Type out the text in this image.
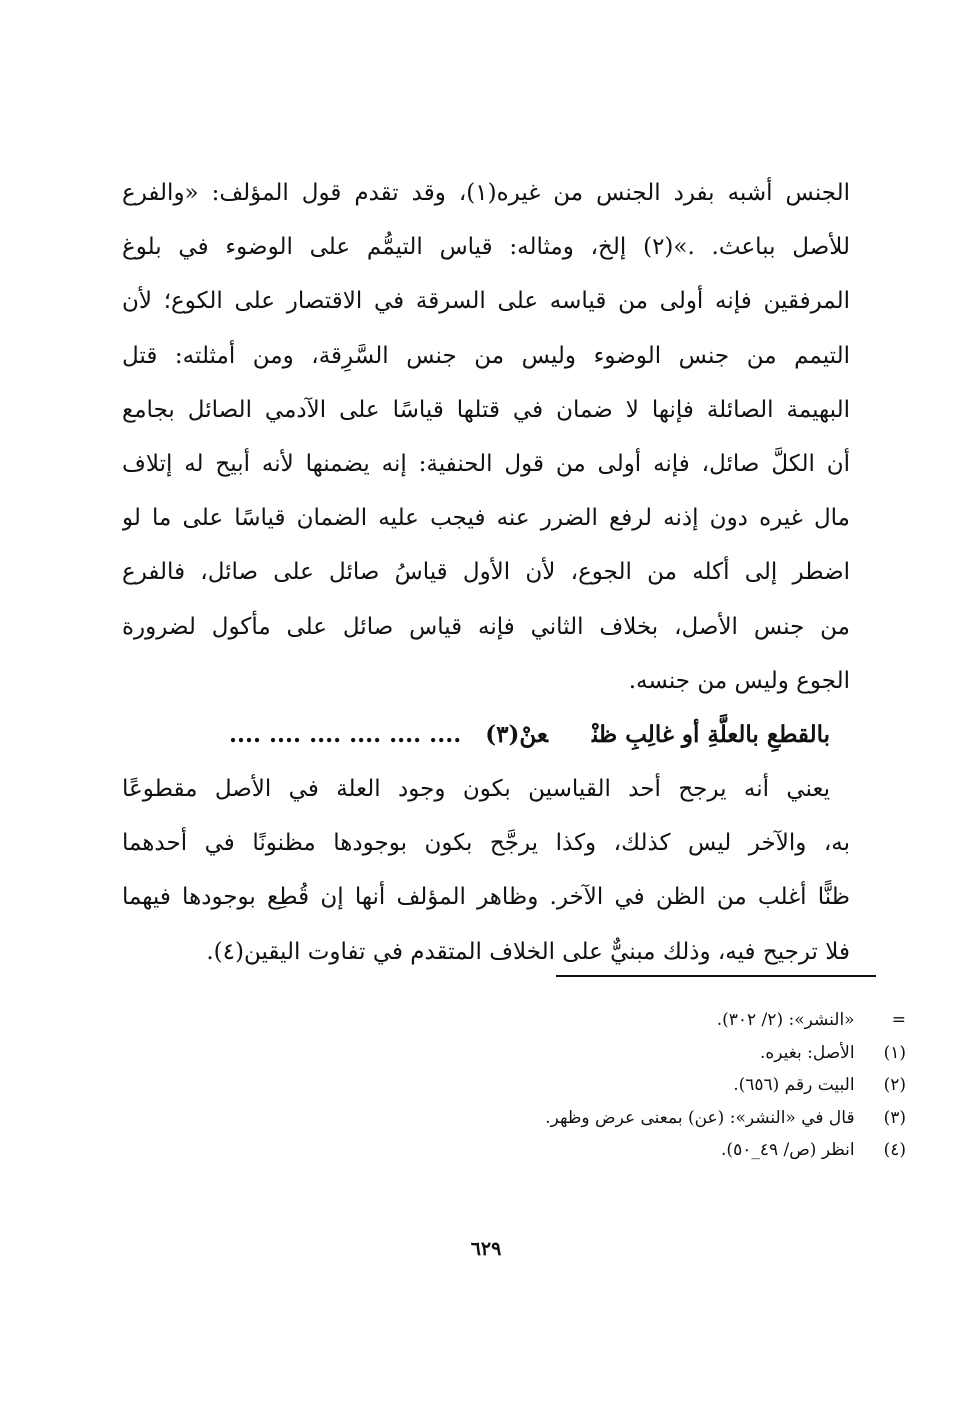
الجنس أشبه بفرد الجنس من غيره(١)، وقد تقدم قول المؤلف: «والفرع
للأصل بباعث. .»(٢) إلخ، ومثاله: قياس التيمُّم على الوضوء في بلوغ
المرفقين فإنه أولى من قياسه على السرقة في الاقتصار على الكوع؛ لأن
التيمم من جنس الوضوء وليس من جنس السَّرِقة، ومن أمثلته: قتل
البهيمة الصائلة فإنها لا ضمان في قتلها قياسًا على الآدمي الصائل بجامع
أن الكلَّ صائل، فإنه أولى من قول الحنفية: إنه يضمنها لأنه أبيح له إتلاف
مال غيره دون إذنه لرفع الضرر عنه فيجب عليه الضمان قياسًا على ما لو
اضطر إلى أكله من الجوع، لأن الأول قياسُ صائل على صائل، فالفرع
من جنس الأصل، بخلاف الثاني فإنه قياس صائل على مأكول لضرورة
الجوع وليس من جنسه.
بالقطعِ بالعلَّةِ أو غالِبِ ظنْعنْ(٣).... .... .... .... .... ....
يعني أنه يرجح أحد القياسين بكون وجود العلة في الأصل مقطوعًا
به، والآخر ليس كذلك، وكذا يرجَّح بكون بوجودها مظنونًا في أحدهما
ظنًّا أغلب من الظن في الآخر. وظاهر المؤلف أنها إن قُطِع بوجودها فيهما
فلا ترجيح فيه، وذلك مبنيٌّ على الخلاف المتقدم في تفاوت اليقين(٤).
= «النشر»: (٢/ ٣٠٢).
(١) الأصل: بغيره.
(٢) البيت رقم (٦٥٦).
(٣) قال في «النشر»: (عن) بمعنى عرض وظهر.
(٤) انظر (ص/ ٤٩_٥٠).
٦٢٩
